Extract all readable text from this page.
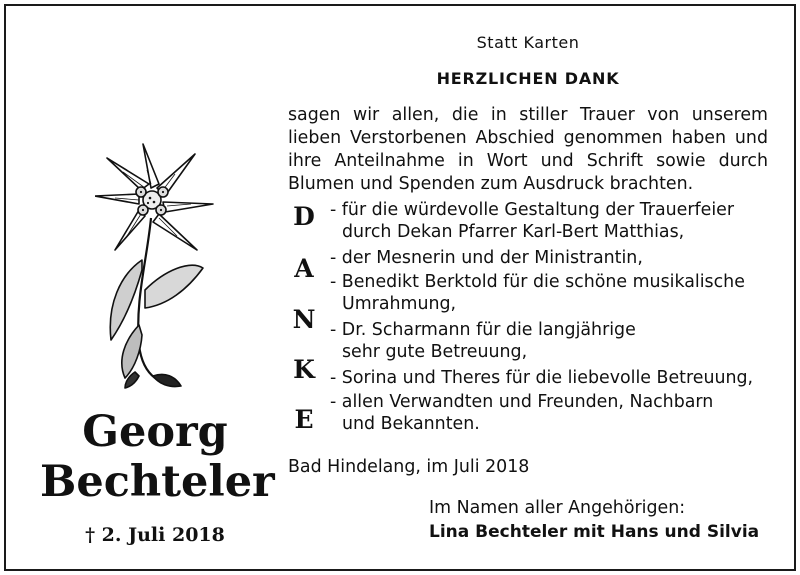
Georg
Bechteler
† 2. Juli 2018
Statt Karten
HERZLICHEN DANK
sagen wir allen, die in stiller Trauer von unserem lieben Verstorbenen Abschied genommen haben und ihre Anteilnahme in Wort und Schrift sowie durch Blumen und Spenden zum Ausdruck brachten.
D
A
N
K
E
- für die würdevolle Gestaltung der Trauerfeier
durch Dekan Pfarrer Karl-Bert Matthias,
- der Mesnerin und der Ministrantin,
- Benedikt Berktold für die schöne musikalische
Umrahmung,
- Dr. Scharmann für die langjährige
sehr gute Betreuung,
- Sorina und Theres für die liebevolle Betreuung,
- allen Verwandten und Freunden, Nachbarn
und Bekannten.
Bad Hindelang, im Juli 2018
Im Namen aller Angehörigen:
Lina Bechteler mit Hans und Silvia
